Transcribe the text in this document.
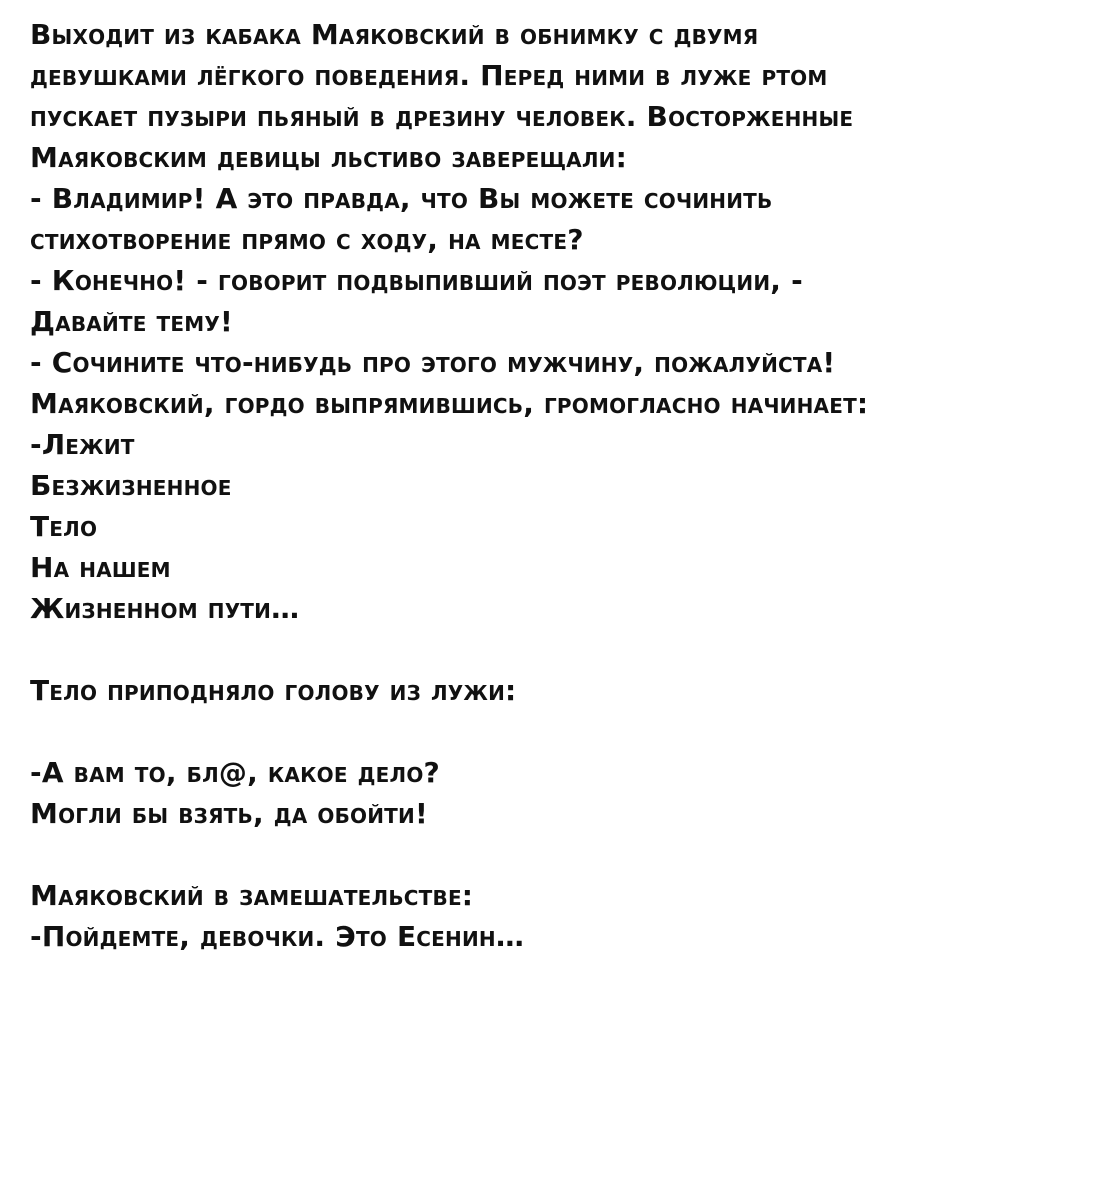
Выходит из кабака Маяковский в обнимку с двумя
девушками лёгкого поведения. Перед ними в луже ртом
пускает пузыри пьяный в дрезину человек. Восторженные
Маяковским девицы льстиво заверещали:
- Владимир! А это правда, что Вы можете сочинить
стихотворение прямо с ходу, на месте?
- Конечно! - говорит подвыпивший поэт революции, -
Давайте тему!
- Сочините что-нибудь про этого мужчину, пожалуйста!
Маяковский, гордо выпрямившись, громогласно начинает:
-Лежит
Безжизненное
Тело
На нашем
Жизненном пути…
Тело приподняло голову из лужи:
-А вам то, бл@, какое дело?
Могли бы взять, да обойти!
Маяковский в замешательстве:
-Пойдемте, девочки. Это Есенин…
